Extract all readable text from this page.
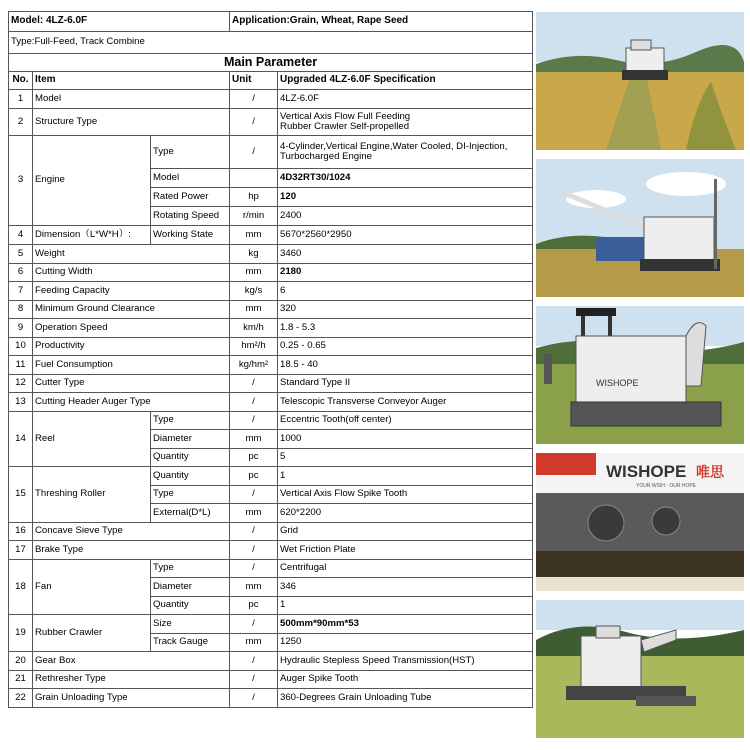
Model: 4LZ-6.0F			Application:Grain, Wheat, Rape Seed	
Type:Full-Feed, Track Combine				
Main Parameter				
No.	Item		Unit	Upgraded 4LZ-6.0F Specification
1	Model		/	4LZ-6.0F
2	Structure Type		/	Vertical Axis Flow Full Feeding
Rubber Crawler Self-propelled

3	Engine	Type	/	4-Cylinder,Vertical Engine,Water Cooled, DI-Injection,
Turbocharged Engine

		Model		4D32RT30/1024
		Rated Power	hp	120
		Rotating Speed	r/min	2400
4	Dimension（L*W*H）:	Working State	mm	5670*2560*2950
5	Weight		kg	3460
6	Cutting Width		mm	2180
7	Feeding Capacity		kg/s	6
8	Minimum Ground Clearance		mm	320
9	Operation Speed		km/h	1.8 - 5.3
10	Productivity		hm²/h	0.25 - 0.65
11	Fuel Consumption		kg/hm²	18.5 - 40
12	Cutter Type		/	Standard Type II
13	Cutting Header Auger Type		/	Telescopic Transverse Conveyor Auger
14	Reel	Type	/	Eccentric Tooth(off center)
		Diameter	mm	1000
		Quantity	pc	5
15	Threshing Roller	Quantity	pc	1
		Type	/	Vertical Axis Flow Spike Tooth
		External(D*L)	mm	620*2200
16	Concave Sieve Type		/	Grid
17	Brake Type		/	Wet Friction Plate
18	Fan	Type	/	Centrifugal
		Diameter	mm	346
		Quantity	pc	1
19	Rubber Crawler	Size	/	500mm*90mm*53
		Track Gauge	mm	1250
20	Gear Box		/	Hydraulic Stepless Speed Transmission(HST)
21	Rethresher Type		/	Auger Spike Tooth
22	Grain Unloading Type		/	360-Degrees Grain Unloading Tube
WISHOPE
WISHOPE 唯思
YOUR WISH · OUR HOPE
